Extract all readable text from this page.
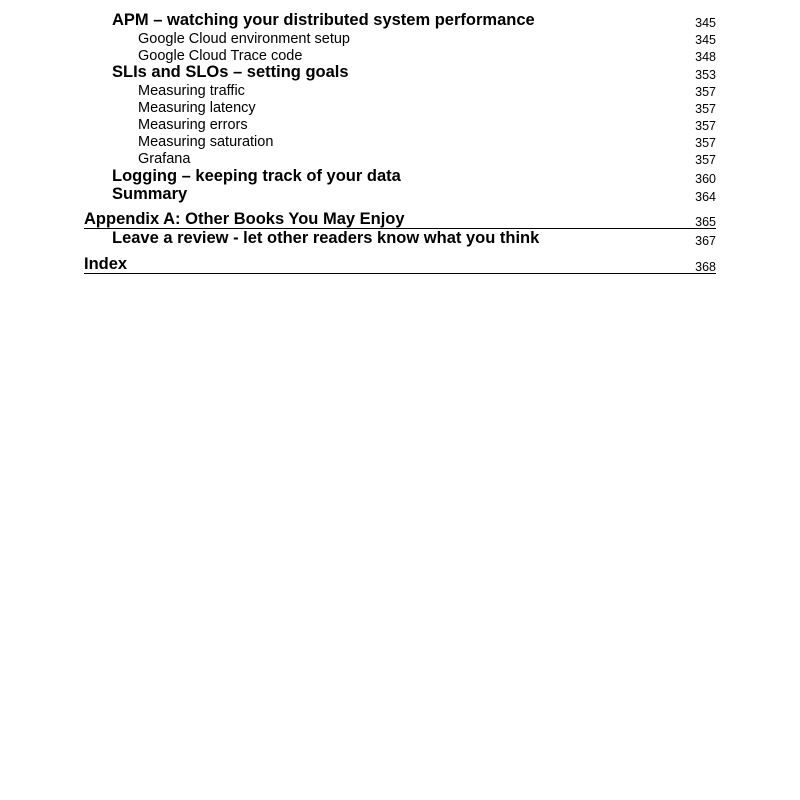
APM – watching your distributed system performance	345
Google Cloud environment setup	345
Google Cloud Trace code	348
SLIs and SLOs – setting goals	353
Measuring traffic	357
Measuring latency	357
Measuring errors	357
Measuring saturation	357
Grafana	357
Logging – keeping track of your data	360
Summary	364
Appendix A: Other Books You May Enjoy	365
Leave a review - let other readers know what you think	367
Index	368
